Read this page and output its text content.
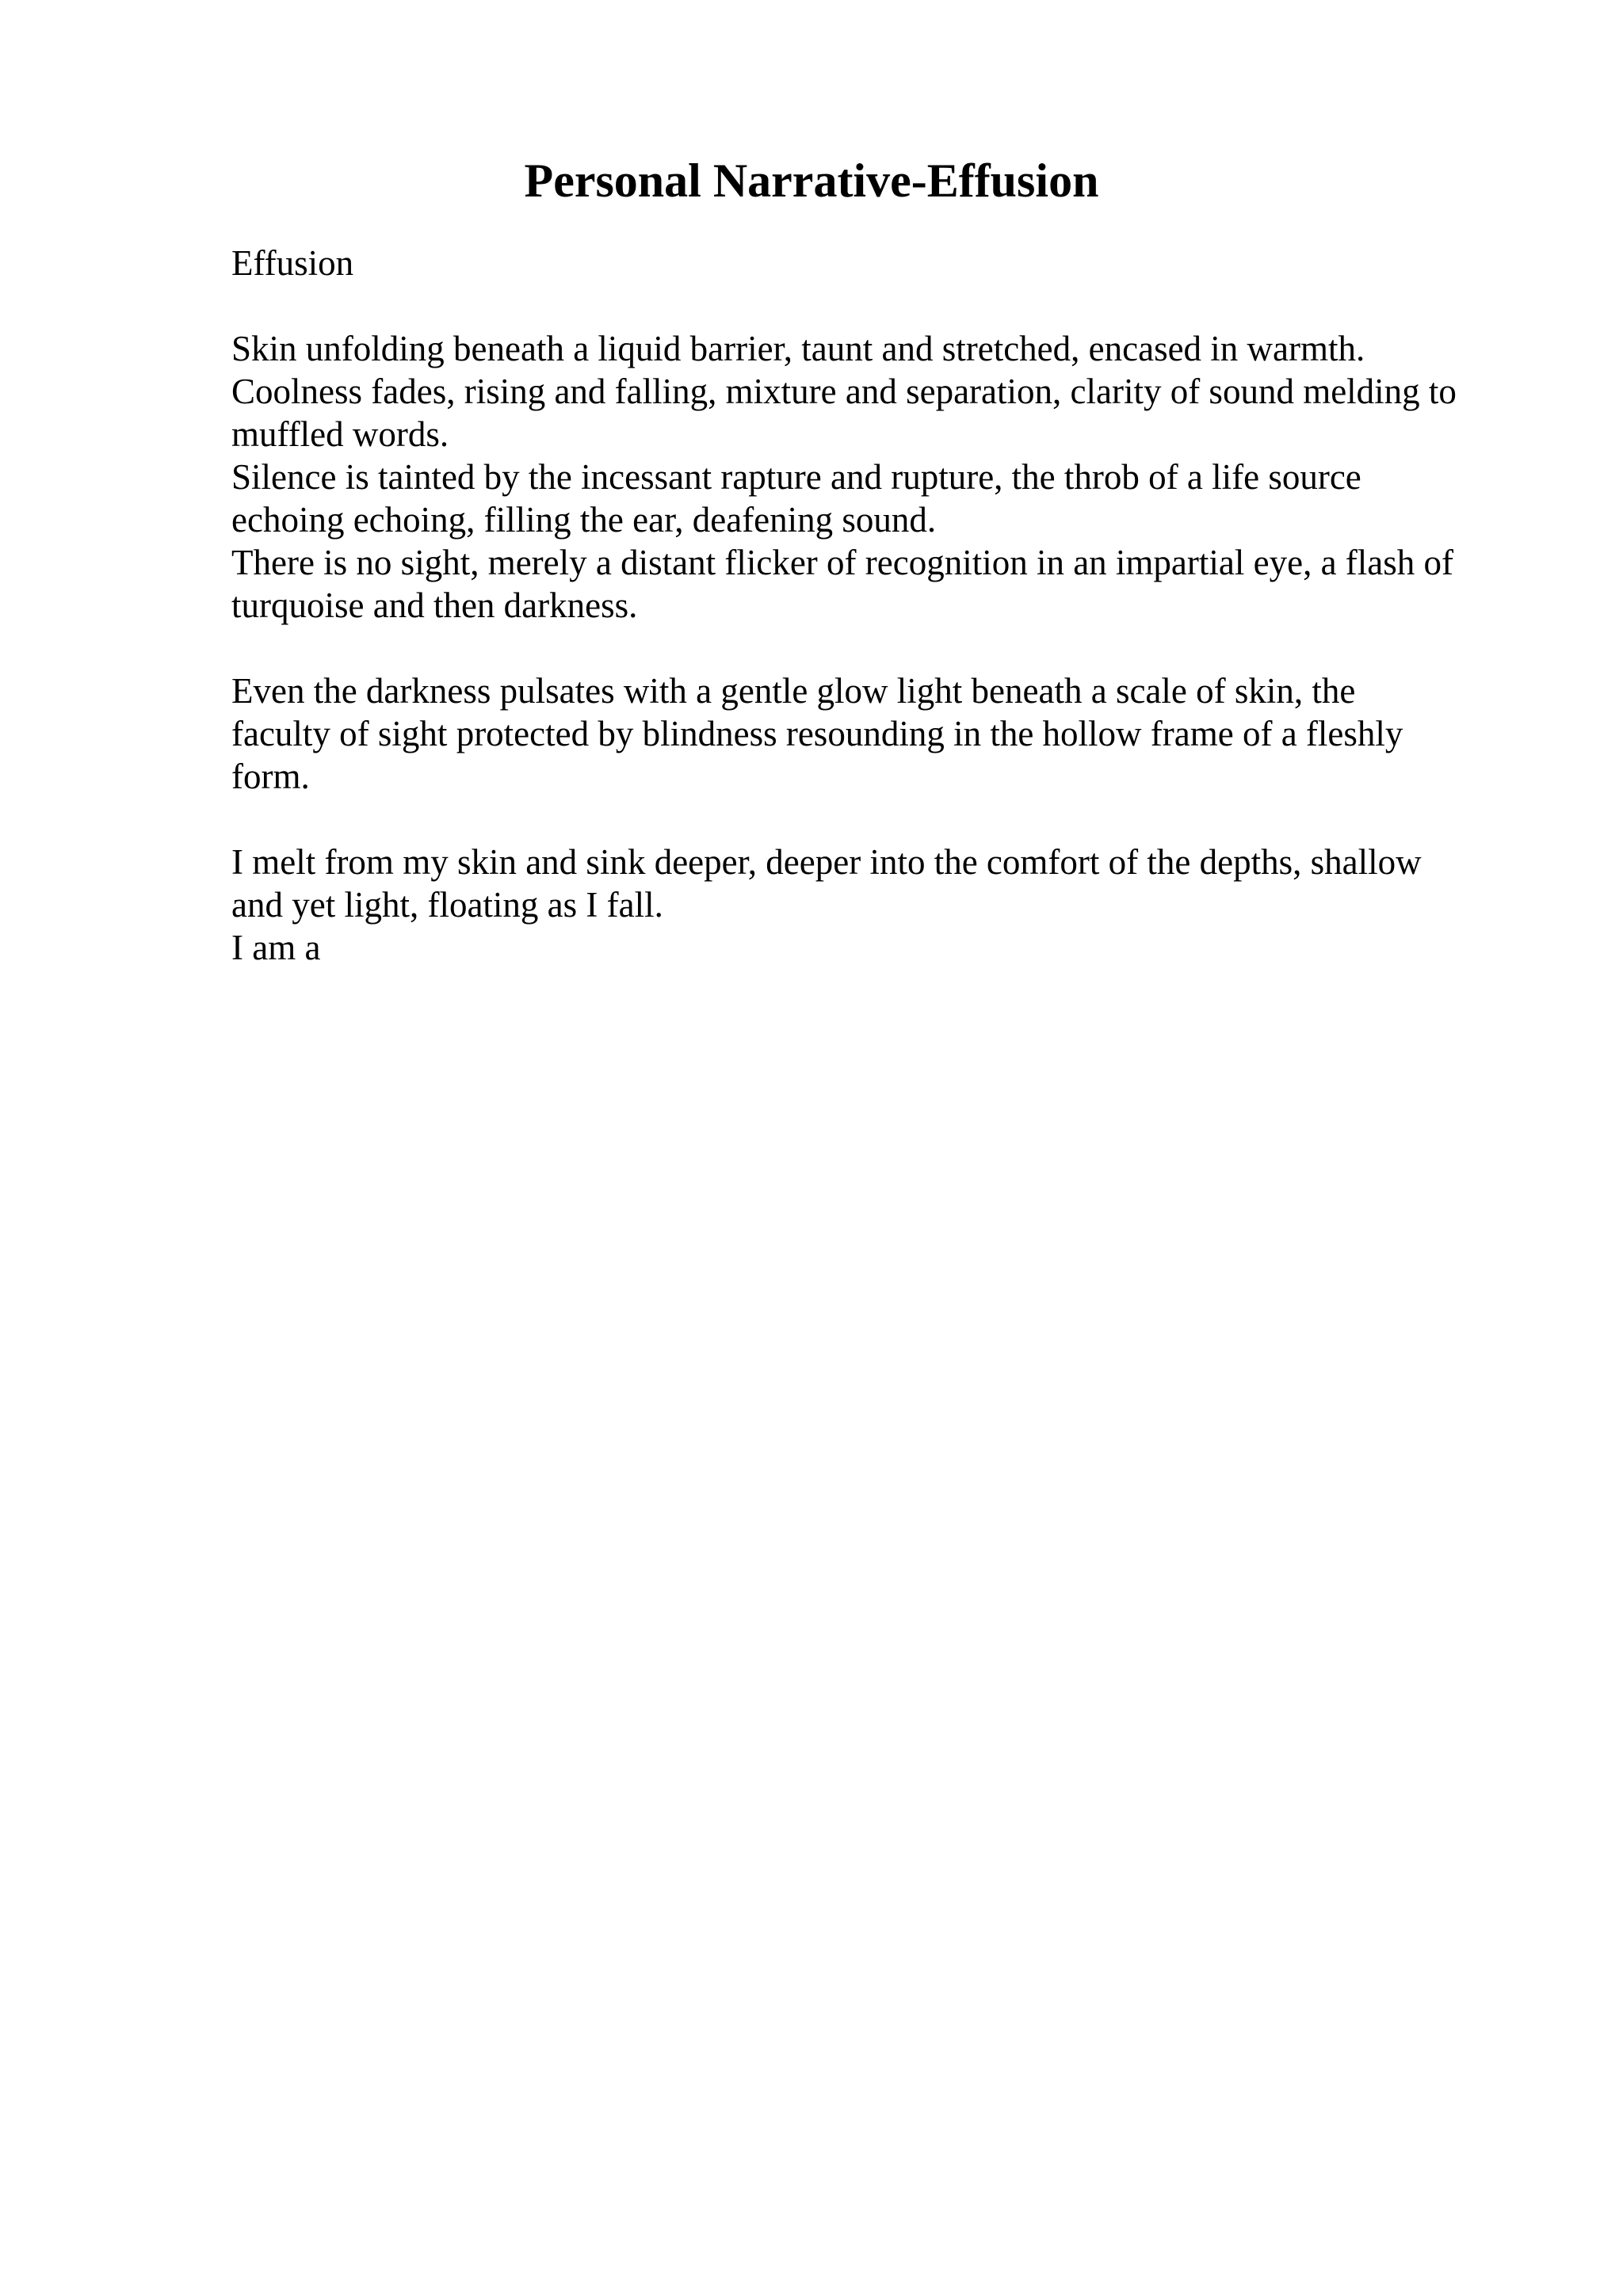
Personal Narrative-Effusion

Effusion

Skin unfolding beneath a liquid barrier, taunt and stretched, encased in warmth.

Coolness fades, rising and falling, mixture and separation, clarity of sound melding to

muffled words.

Silence is tainted by the incessant rapture and rupture, the throb of a life source

echoing echoing, filling the ear, deafening sound.

There is no sight, merely a distant flicker of recognition in an impartial eye, a flash of

turquoise and then darkness.

Even the darkness pulsates with a gentle glow light beneath a scale of skin, the

faculty of sight protected by blindness resounding in the hollow frame of a fleshly

form.

I melt from my skin and sink deeper, deeper into the comfort of the depths, shallow

and yet light, floating as I fall.

I am a
